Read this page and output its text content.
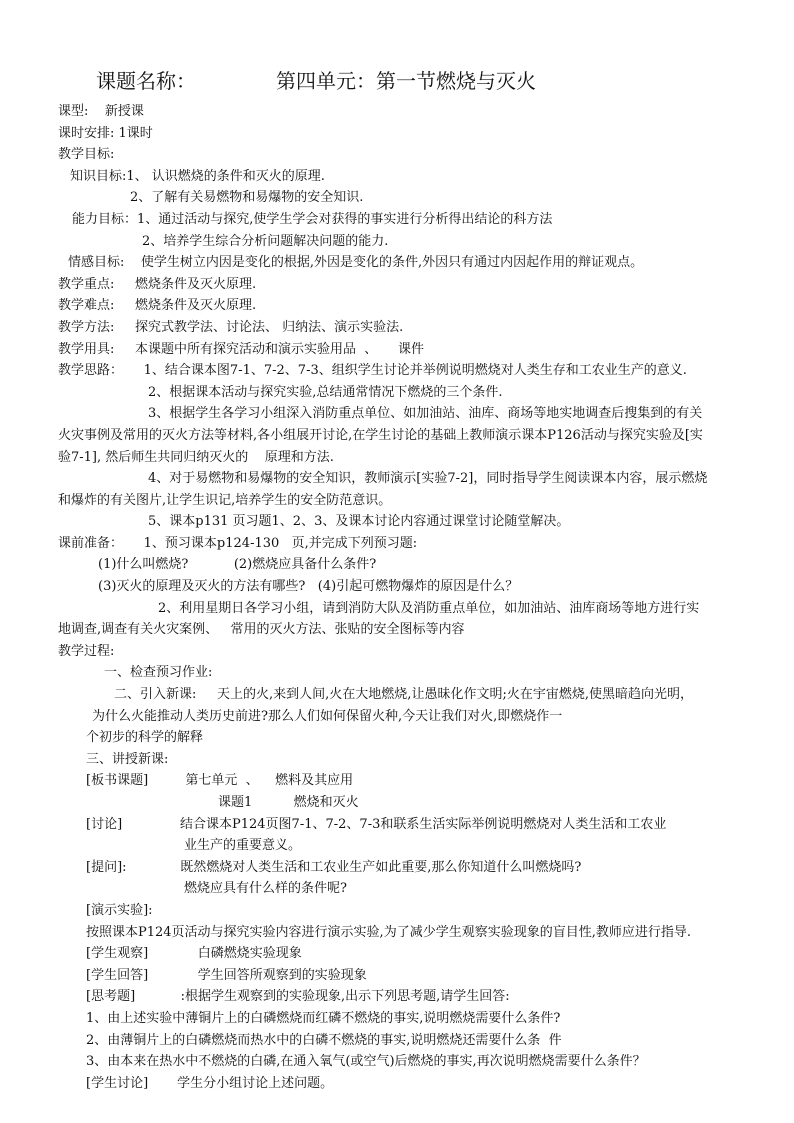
课题名称：	第四单元：第一节燃烧与灭火
课型:    新授课
课时安排: 1课时
教学目标:
知识目标:1、 认识燃烧的条件和灭火的原理.
2、了解有关易燃物和易爆物的安全知识.
能力目标：1、通过活动与探究,使学生学会对获得的事实进行分析得出结论的科方法
2、培养学生综合分析问题解决问题的能力.
情感目标:    使学生树立内因是变化的根据,外因是变化的条件,外因只有通过内因起作用的辩证观点。
教学重点:     燃烧条件及灭火原理.
教学难点:     燃烧条件及灭火原理.
教学方法:     探究式教学法、讨论法、 归纳法、演示实验法.
教学用具:     本课题中所有探究活动和演示实验用品  、     课件
教学思路：     1、结合课本图7-1、7-2、7-3、组织学生讨论并举例说明燃烧对人类生存和工农业生产的意义.
2、根据课本活动与探究实验,总结通常情况下燃烧的三个条件.
3、根据学生各学习小组深入消防重点单位、如加油站、油库、商场等地实地调查后搜集到的有关
火灾事例及常用的灭火方法等材料,各小组展开讨论,在学生讨论的基础上教师演示课本P126活动与探究实验及[实
验7-1], 然后师生共同归纳灭火的    原理和方法.
4、对于易燃物和易爆物的安全知识，教师演示[实验7-2]，同时指导学生阅读课本内容，展示燃烧
和爆炸的有关图片,让学生识记,培养学生的安全防范意识。
5、课本p131 页习题1、2、3、及课本讨论内容通过课堂讨论随堂解决。
课前准备：     1、预习课本p124-130   页,并完成下列预习题:
(1)什么叫燃烧?           (2)燃烧应具备什么条件?
(3)灭火的原理及灭火的方法有哪些?   (4)引起可燃物爆炸的原因是什么？
2、利用星期日各学习小组，请到消防大队及消防重点单位，如加油站、油库商场等地方进行实
地调查,调查有关火灾案例、   常用的灭火方法、张贴的安全图标等内容
教学过程:
一、检查预习作业:
二、引入新课:     天上的火,来到人间,火在大地燃烧,让愚昧化作文明;火在宇宙燃烧,使黑暗趋向光明，
为什么火能推动人类历史前进?那么人们如何保留火种,今天让我们对火,即燃烧作一
个初步的科学的解释
三、讲授新课:
[板书课题]         第七单元  、    燃料及其应用
课题1          燃烧和灭火
[讨论]              结合课本P124页图7-1、7-2、7-3和联系生活实际举例说明燃烧对人类生活和工农业
业生产的重要意义。
[提问]:             既然燃烧对人类生活和工农业生产如此重要,那么你知道什么叫燃烧吗?
燃烧应具有什么样的条件呢?
[演示实验]:
按照课本P124页活动与探究实验内容进行演示实验,为了减少学生观察实验现象的盲目性,教师应进行指导.
[学生观察]            白磷燃烧实验现象
[学生回答]            学生回答所观察到的实验现象
[思考题]           :根据学生观察到的实验现象,出示下列思考题,请学生回答:
1、由上述实验中薄铜片上的白磷燃烧而红磷不燃烧的事实,说明燃烧需要什么条件?
2、由薄铜片上的白磷燃烧而热水中的白磷不燃烧的事实,说明燃烧还需要什么条  件
3、由本来在热水中不燃烧的白磷,在通入氧气(或空气)后燃烧的事实,再次说明燃烧需要什么条件？
[学生讨论]       学生分小组讨论上述问题。
